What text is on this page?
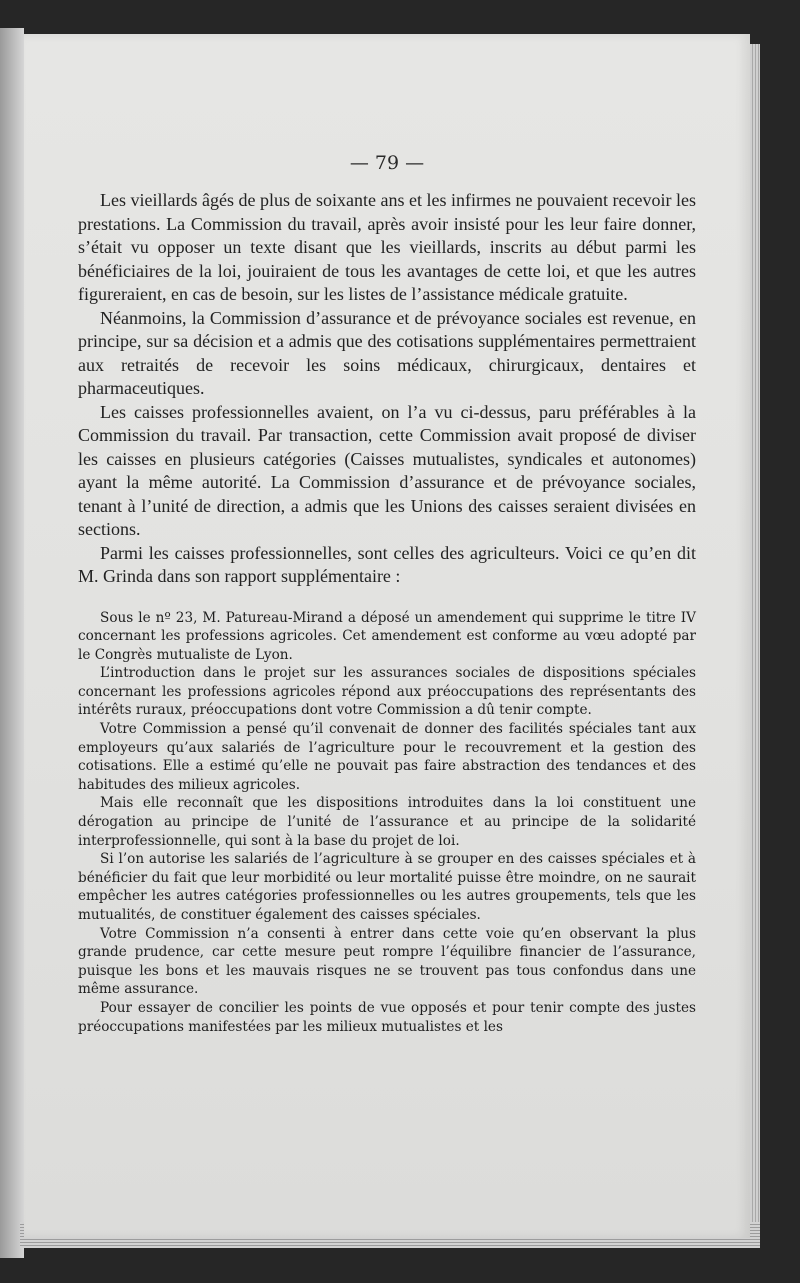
— 79 —

Les vieillards âgés de plus de soixante ans et les infirmes ne pouvaient recevoir les prestations. La Commission du travail, après avoir insisté pour les leur faire donner, s’était vu opposer un texte disant que les vieillards, inscrits au début parmi les bénéficiaires de la loi, jouiraient de tous les avantages de cette loi, et que les autres figureraient, en cas de besoin, sur les listes de l’assistance médicale gratuite.

Néanmoins, la Commission d’assurance et de prévoyance sociales est revenue, en principe, sur sa décision et a admis que des cotisations supplémentaires permettraient aux retraités de recevoir les soins médicaux, chirurgicaux, dentaires et pharmaceutiques.

Les caisses professionnelles avaient, on l’a vu ci-dessus, paru préférables à la Commission du travail. Par transaction, cette Commission avait proposé de diviser les caisses en plusieurs catégories (Caisses mutualistes, syndicales et autonomes) ayant la même autorité. La Commission d’assurance et de prévoyance sociales, tenant à l’unité de direction, a admis que les Unions des caisses seraient divisées en sections.

Parmi les caisses professionnelles, sont celles des agriculteurs. Voici ce qu’en dit M. Grinda dans son rapport supplémentaire :

Sous le nº 23, M. Patureau-Mirand a déposé un amendement qui supprime le titre IV concernant les professions agricoles. Cet amendement est conforme au vœu adopté par le Congrès mutualiste de Lyon.

L’introduction dans le projet sur les assurances sociales de dispositions spéciales concernant les professions agricoles répond aux préoccupations des représentants des intérêts ruraux, préoccupations dont votre Commission a dû tenir compte.

Votre Commission a pensé qu’il convenait de donner des facilités spéciales tant aux employeurs qu’aux salariés de l’agriculture pour le recouvrement et la gestion des cotisations. Elle a estimé qu’elle ne pouvait pas faire abstraction des tendances et des habitudes des milieux agricoles.

Mais elle reconnaît que les dispositions introduites dans la loi constituent une dérogation au principe de l’unité de l’assurance et au principe de la solidarité interprofessionnelle, qui sont à la base du projet de loi.

Si l’on autorise les salariés de l’agriculture à se grouper en des caisses spéciales et à bénéficier du fait que leur morbidité ou leur mortalité puisse être moindre, on ne saurait empêcher les autres catégories professionnelles ou les autres groupements, tels que les mutualités, de constituer également des caisses spéciales.

Votre Commission n’a consenti à entrer dans cette voie qu’en observant la plus grande prudence, car cette mesure peut rompre l’équilibre financier de l’assurance, puisque les bons et les mauvais risques ne se trouvent pas tous confondus dans une même assurance.

Pour essayer de concilier les points de vue opposés et pour tenir compte des justes préoccupations manifestées par les milieux mutualistes et les
